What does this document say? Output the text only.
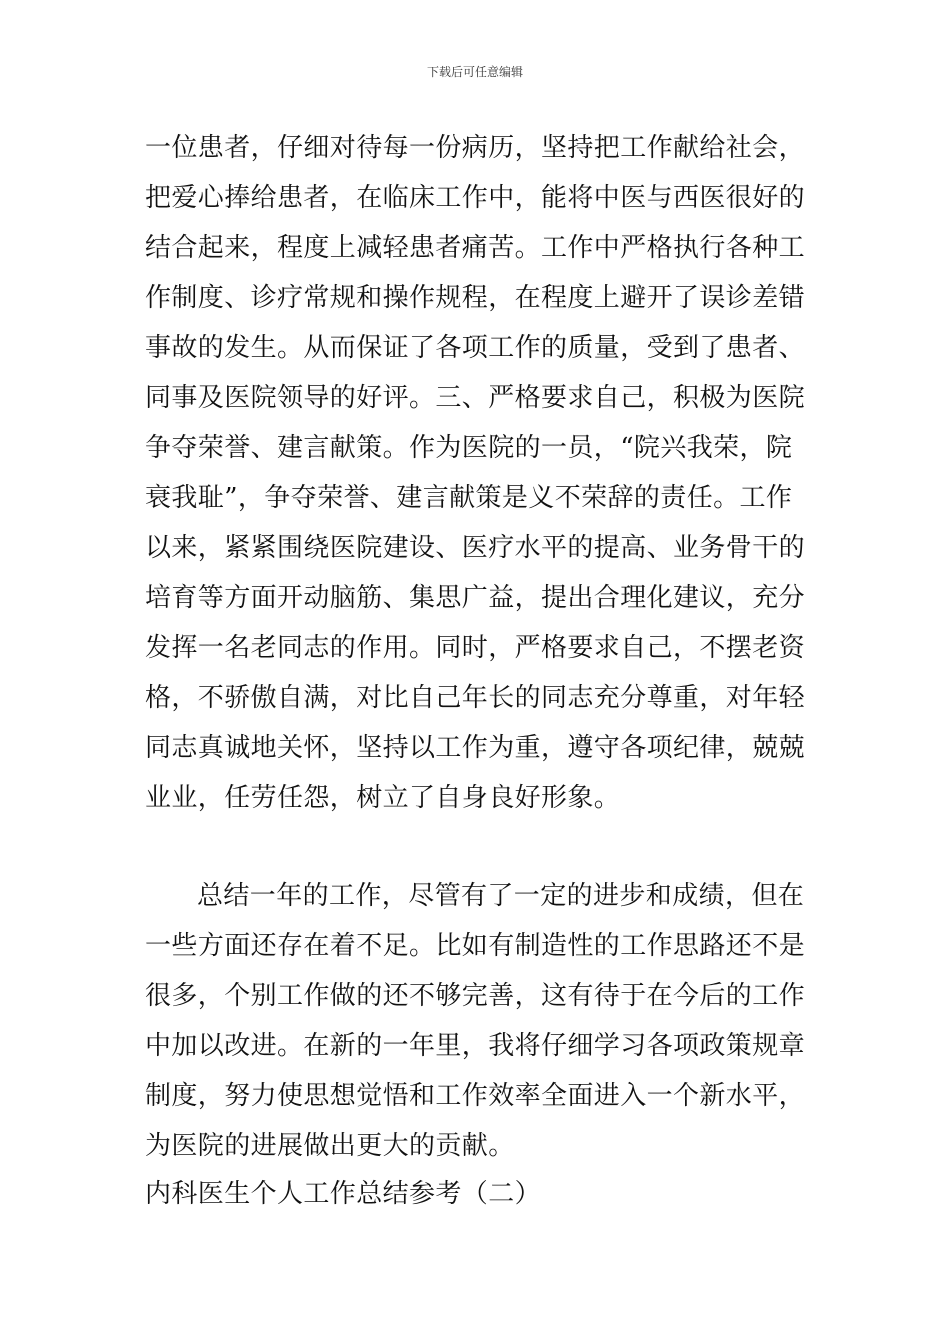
下载后可任意编辑
一位患者，仔细对待每一份病历，坚持把工作献给社会，
把爱心捧给患者，在临床工作中，能将中医与西医很好的
结合起来，程度上减轻患者痛苦。工作中严格执行各种工
作制度、诊疗常规和操作规程，在程度上避开了误诊差错
事故的发生。从而保证了各项工作的质量，受到了患者、
同事及医院领导的好评。三、严格要求自己，积极为医院
争夺荣誉、建言献策。作为医院的一员，“院兴我荣，院
衰我耻”，争夺荣誉、建言献策是义不荣辞的责任。工作
以来，紧紧围绕医院建设、医疗水平的提高、业务骨干的
培育等方面开动脑筋、集思广益，提出合理化建议，充分
发挥一名老同志的作用。同时，严格要求自己，不摆老资
格，不骄傲自满，对比自己年长的同志充分尊重，对年轻
同志真诚地关怀，坚持以工作为重，遵守各项纪律，兢兢
业业，任劳任怨，树立了自身良好形象。
总结一年的工作，尽管有了一定的进步和成绩，但在
一些方面还存在着不足。比如有制造性的工作思路还不是
很多，个别工作做的还不够完善，这有待于在今后的工作
中加以改进。在新的一年里，我将仔细学习各项政策规章
制度，努力使思想觉悟和工作效率全面进入一个新水平，
为医院的进展做出更大的贡献。
内科医生个人工作总结参考（二）
